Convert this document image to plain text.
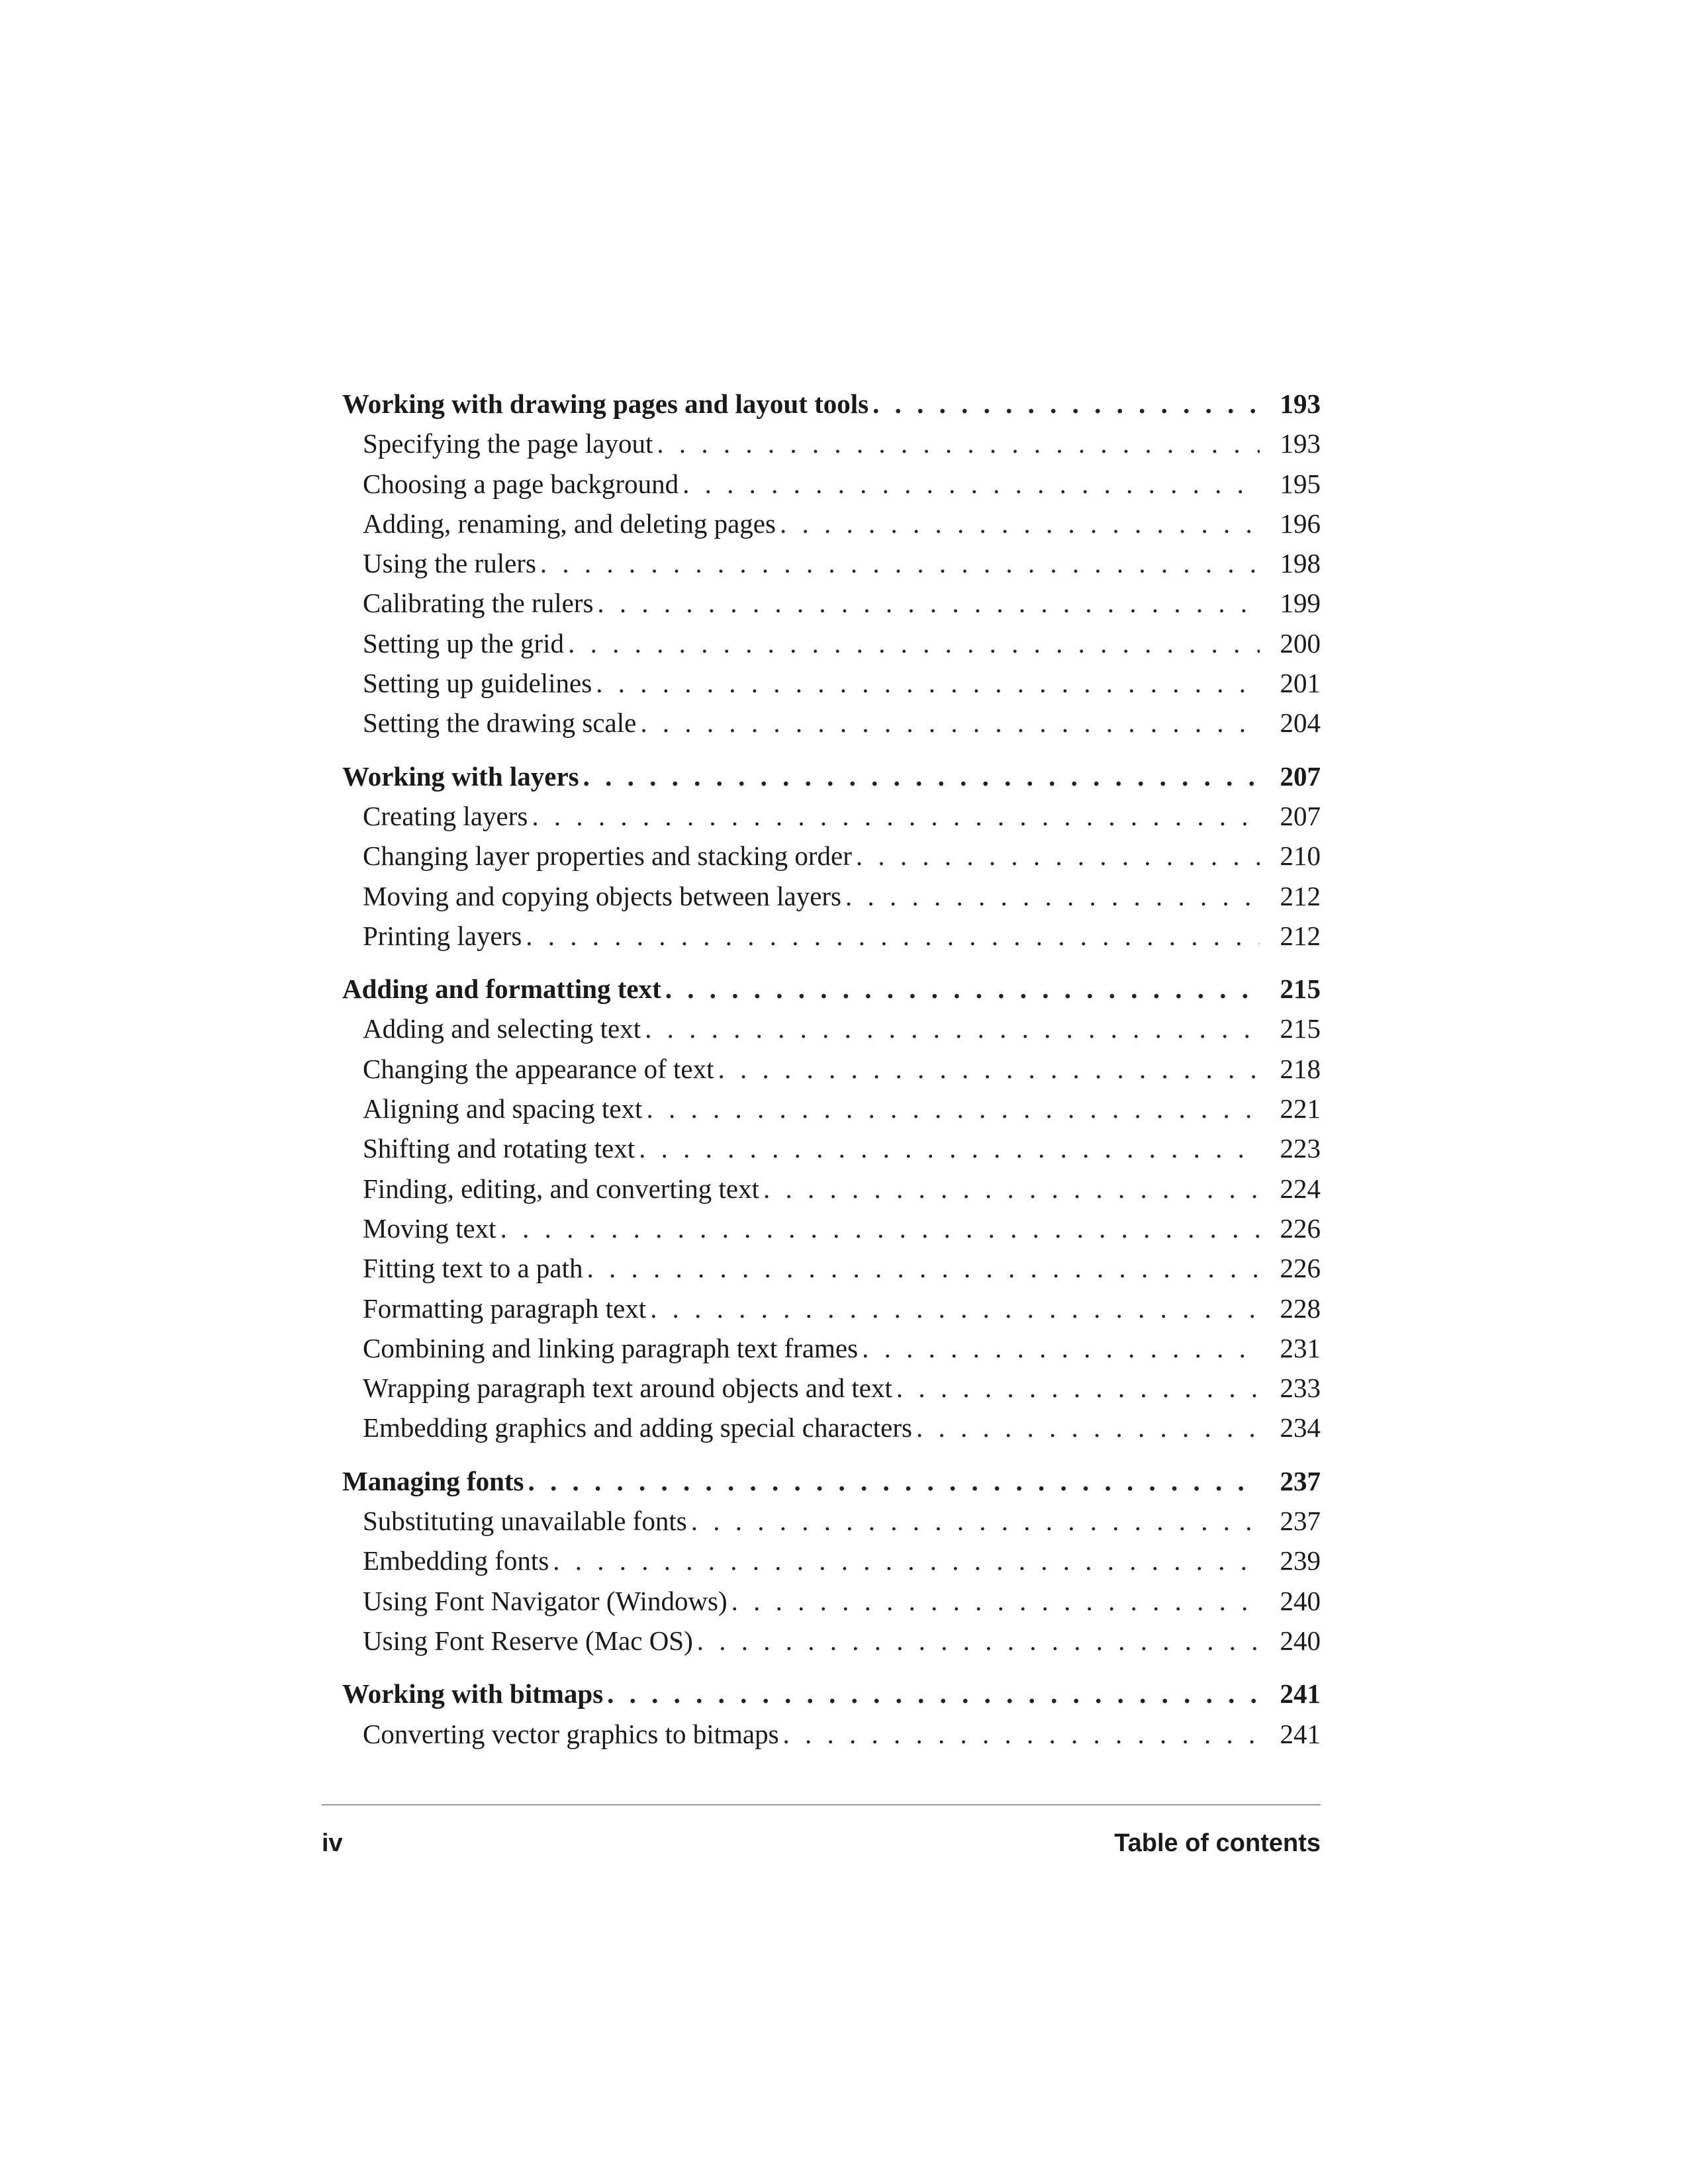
Working with drawing pages and layout tools . . .	193
Specifying the page layout . . .	193
Choosing a page background . . .	195
Adding, renaming, and deleting pages . . .	196
Using the rulers . . .	198
Calibrating the rulers . . .	199
Setting up the grid . . .	200
Setting up guidelines . . .	201
Setting the drawing scale . . .	204
Working with layers . . .	207
Creating layers . . .	207
Changing layer properties and stacking order . . .	210
Moving and copying objects between layers . . .	212
Printing layers . . .	212
Adding and formatting text . . .	215
Adding and selecting text . . .	215
Changing the appearance of text . . .	218
Aligning and spacing text . . .	221
Shifting and rotating text . . .	223
Finding, editing, and converting text . . .	224
Moving text . . .	226
Fitting text to a path . . .	226
Formatting paragraph text . . .	228
Combining and linking paragraph text frames . . .	231
Wrapping paragraph text around objects and text . . .	233
Embedding graphics and adding special characters . . .	234
Managing fonts . . .	237
Substituting unavailable fonts . . .	237
Embedding fonts . . .	239
Using Font Navigator (Windows) . . .	240
Using Font Reserve (Mac OS) . . .	240
Working with bitmaps . . .	241
Converting vector graphics to bitmaps . . .	241
iv	Table of contents
